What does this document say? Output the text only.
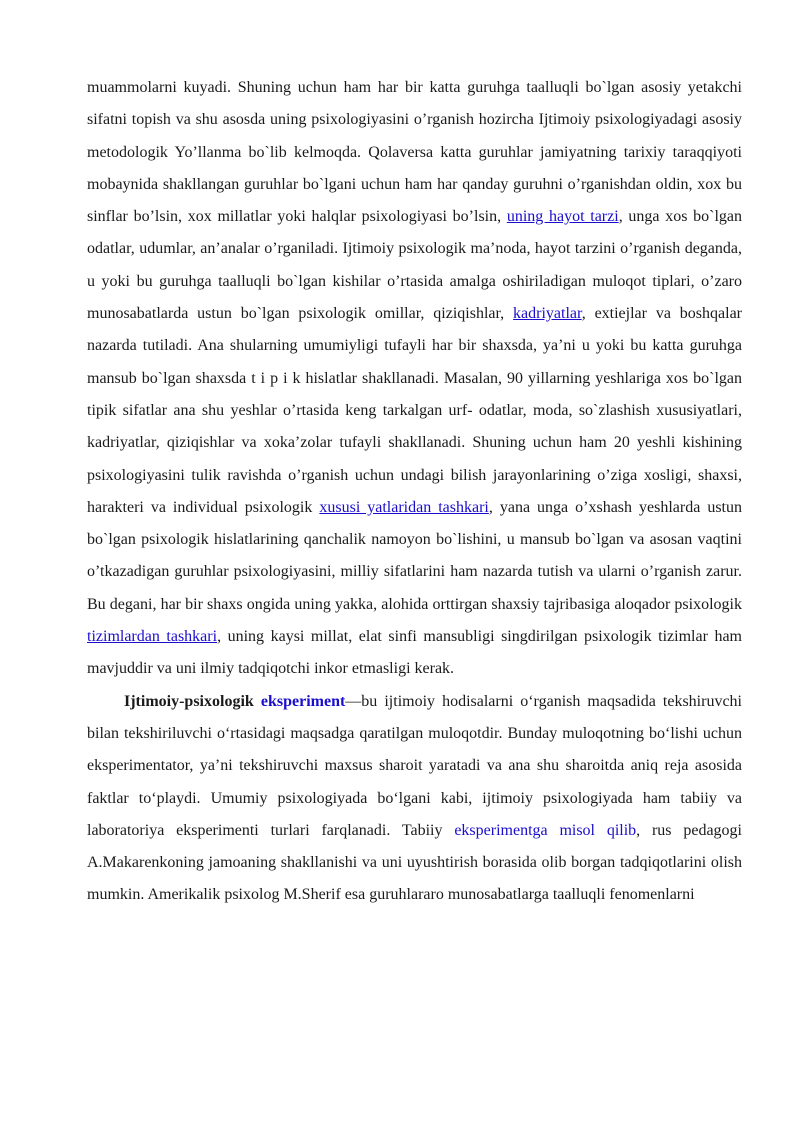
muammolarni kuyadi. Shuning uchun ham har bir katta guruhga taalluqli bo`lgan asosiy yetakchi sifatni topish va shu asosda uning psixologiyasini o’rganish hozircha Ijtimoiy psixologiyadagi asosiy metodologik Yo’llanma bo`lib kelmoqda. Qolaversa katta guruhlar jamiyatning tarixiy taraqqiyoti mobaynida shakllangan guruhlar bo`lgani uchun ham har qanday guruhni o’rganishdan oldin, xox bu sinflar bo’lsin, xox millatlar yoki halqlar psixologiyasi bo’lsin, uning hayot tarzi, unga xos bo`lgan odatlar, udumlar, an’analar o’rganiladi. Ijtimoiy psixologik ma’noda, hayot tarzini o’rganish deganda, u yoki bu guruhga taalluqli bo`lgan kishilar o’rtasida amalga oshiriladigan muloqot tiplari, o’zaro munosabatlarda ustun bo`lgan psixologik omillar, qiziqishlar, kadriyatlar, extiejlar va boshqalar nazarda tutiladi. Ana shularning umumiyligi tufayli har bir shaxsda, ya’ni u yoki bu katta guruhga mansub bo`lgan shaxsda t i p i k hislatlar shakllanadi. Masalan, 90 yillarning yeshlariga xos bo`lgan tipik sifatlar ana shu yeshlar o’rtasida keng tarkalgan urf- odatlar, moda, so`zlashish xususiyatlari, kadriyatlar, qiziqishlar va xoka’zolar tufayli shakllanadi. Shuning uchun ham 20 yeshli kishining psixologiyasini tulik ravishda o’rganish uchun undagi bilish jarayonlarining o’ziga xosligi, shaxsi, harakteri va individual psixologik xususi yatlaridan tashkari, yana unga o’xshash yeshlarda ustun bo`lgan psixologik hislatlarining qanchalik namoyon bo`lishini, u mansub bo`lgan va asosan vaqtini o’tkazadigan guruhlar psixologiyasini, milliy sifatlarini ham nazarda tutish va ularni o’rganish zarur. Bu degani, har bir shaxs ongida uning yakka, alohida orttirgan shaxsiy tajribasiga aloqador psixologik tizimlardan tashkari, uning kaysi millat, elat sinfi mansubligi singdirilgan psixologik tizimlar ham mavjuddir va uni ilmiy tadqiqotchi inkor etmasligi kerak.

Ijtimoiy-psixologik eksperiment—bu ijtimoiy hodisalarni o‘rganish maqsadida tekshiruvchi bilan tekshiriluvchi o‘rtasidagi maqsadga qaratilgan muloqotdir. Bunday muloqotning bo‘lishi uchun eksperimentator, ya’ni tekshiruvchi maxsus sharoit yaratadi va ana shu sharoitda aniq reja asosida faktlar to‘playdi. Umumiy psixologiyada bo‘lgani kabi, ijtimoiy psixologiyada ham tabiiy va laboratoriya eksperimenti turlari farqlanadi. Tabiiy eksperimentga misol qilib, rus pedagogi A.Makarenkoning jamoaning shakllanishi va uni uyushtirish borasida olib borgan tadqiqotlarini olish mumkin. Amerikalik psixolog M.Sherif esa guruhlararo munosabatlarga taalluqli fenomenlarni
